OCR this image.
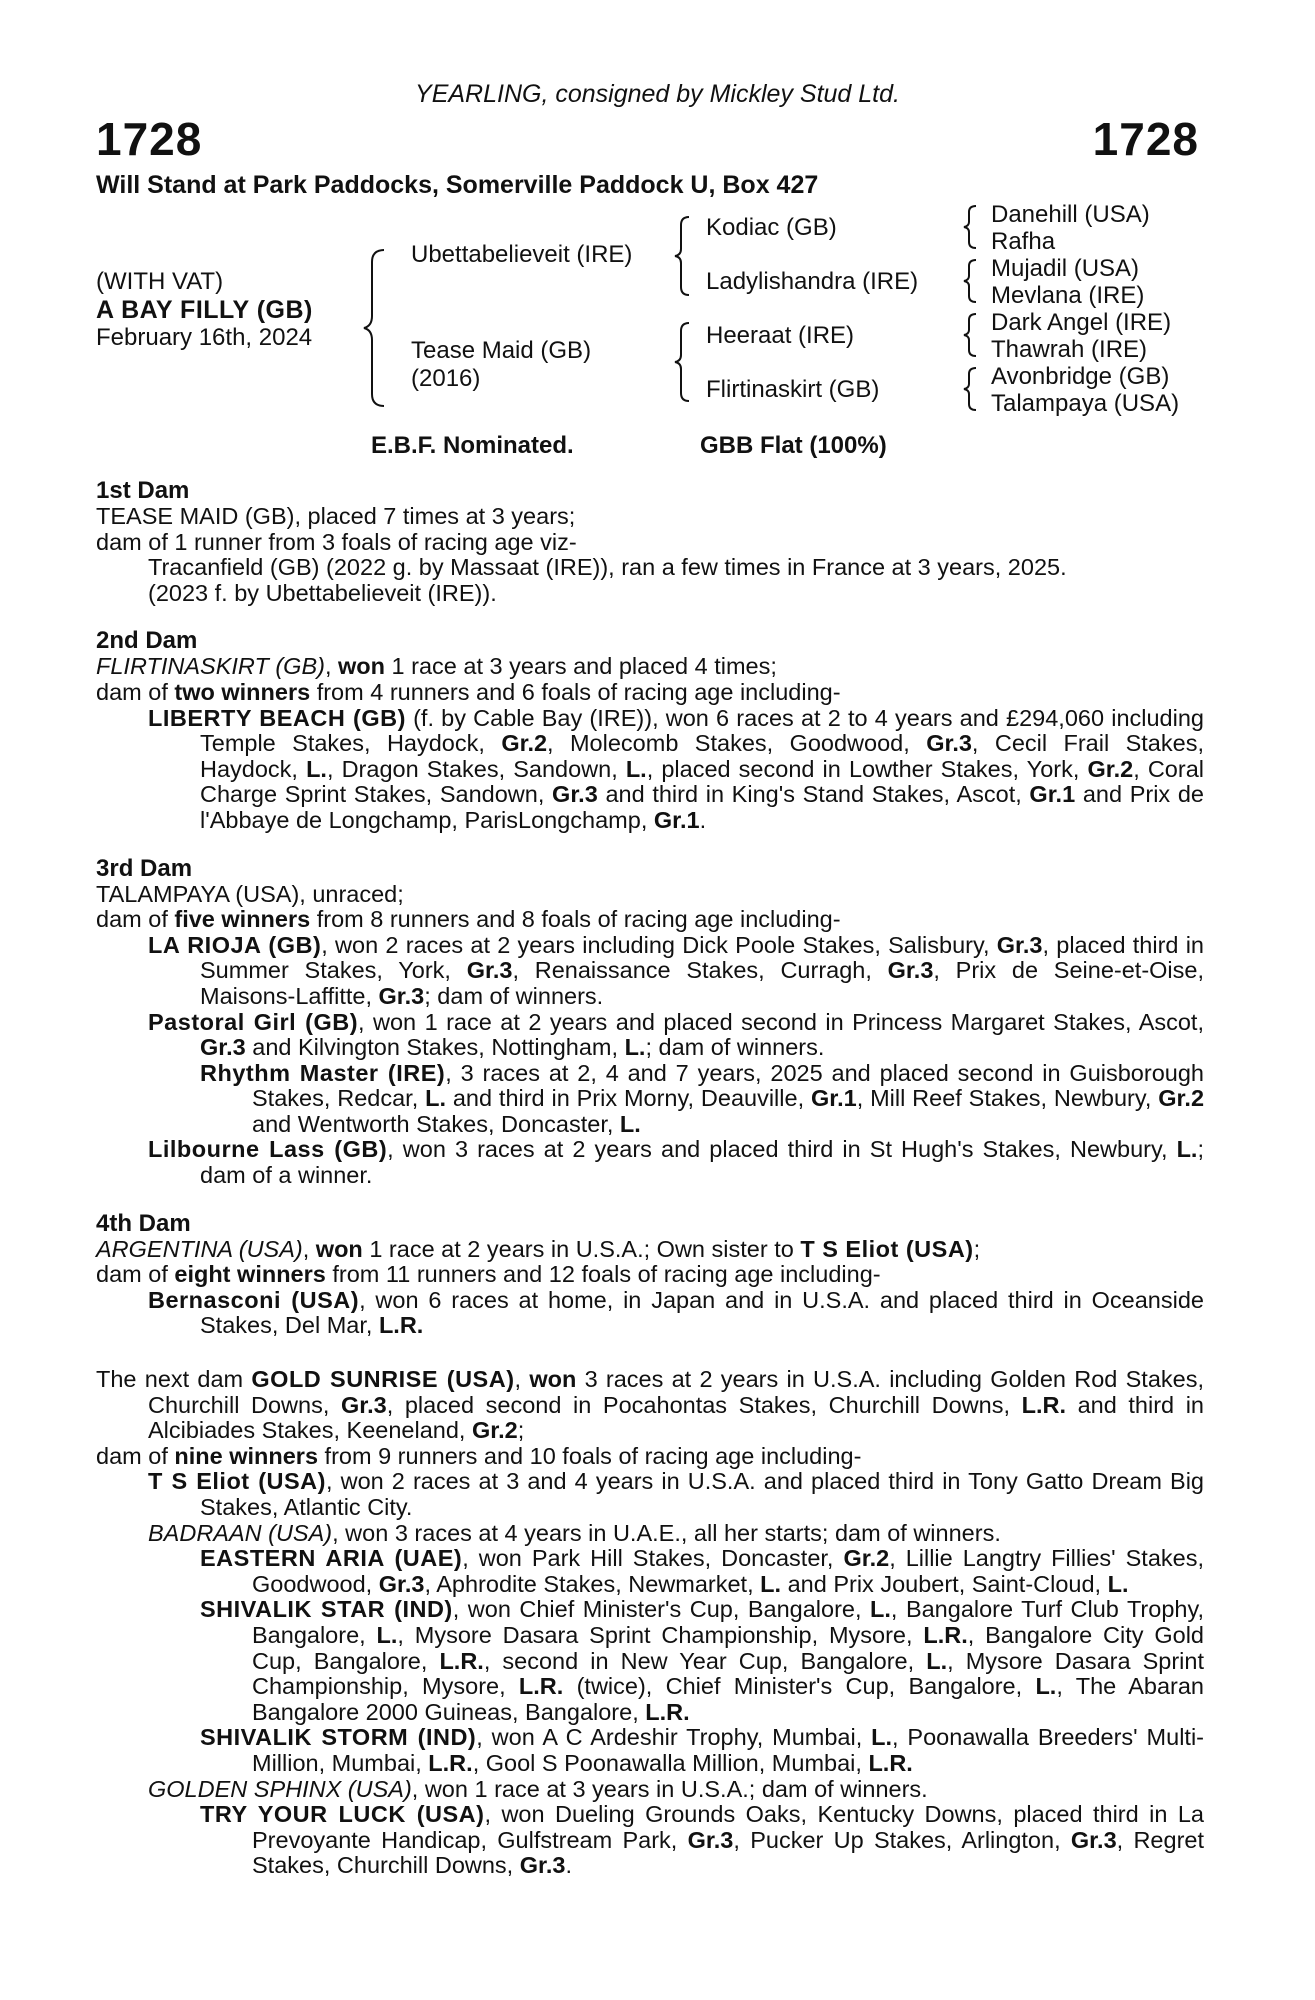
YEARLING, consigned by Mickley Stud Ltd.
1728	1728
Will Stand at Park Paddocks, Somerville Paddock U, Box 427
(WITH VAT)
A BAY FILLY (GB)
February 16th, 2024
Ubettabelieveit (IRE)
Tease Maid (GB)
(2016)
Kodiac (GB)
Ladylishandra (IRE)
Heeraat (IRE)
Flirtinaskirt (GB)
Danehill (USA)
Rafha
Mujadil (USA)
Mevlana (IRE)
Dark Angel (IRE)
Thawrah (IRE)
Avonbridge (GB)
Talampaya (USA)
E.B.F. Nominated.	GBB Flat (100%)
1st Dam

TEASE MAID (GB), placed 7 times at 3 years;

dam of 1 runner from 3 foals of racing age viz-

Tracanfield (GB) (2022 g. by Massaat (IRE)), ran a few times in France at 3 years, 2025.

(2023 f. by Ubettabelieveit (IRE)).

2nd Dam

FLIRTINASKIRT (GB), won 1 race at 3 years and placed 4 times;

dam of two winners from 4 runners and 6 foals of racing age including-

LIBERTY BEACH (GB) (f. by Cable Bay (IRE)), won 6 races at 2 to 4 years and £294,060 including Temple Stakes, Haydock, Gr.2, Molecomb Stakes, Goodwood, Gr.3, Cecil Frail Stakes, Haydock, L., Dragon Stakes, Sandown, L., placed second in Lowther Stakes, York, Gr.2, Coral Charge Sprint Stakes, Sandown, Gr.3 and third in King's Stand Stakes, Ascot, Gr.1 and Prix de l'Abbaye de Longchamp, ParisLongchamp, Gr.1.

3rd Dam

TALAMPAYA (USA), unraced;

dam of five winners from 8 runners and 8 foals of racing age including-

LA RIOJA (GB), won 2 races at 2 years including Dick Poole Stakes, Salisbury, Gr.3, placed third in Summer Stakes, York, Gr.3, Renaissance Stakes, Curragh, Gr.3, Prix de Seine-et-Oise, Maisons-Laffitte, Gr.3; dam of winners.

Pastoral Girl (GB), won 1 race at 2 years and placed second in Princess Margaret Stakes, Ascot, Gr.3 and Kilvington Stakes, Nottingham, L.; dam of winners.

Rhythm Master (IRE), 3 races at 2, 4 and 7 years, 2025 and placed second in Guisborough Stakes, Redcar, L. and third in Prix Morny, Deauville, Gr.1, Mill Reef Stakes, Newbury, Gr.2 and Wentworth Stakes, Doncaster, L.

Lilbourne Lass (GB), won 3 races at 2 years and placed third in St Hugh's Stakes, Newbury, L.; dam of a winner.

4th Dam

ARGENTINA (USA), won 1 race at 2 years in U.S.A.; Own sister to T S Eliot (USA);

dam of eight winners from 11 runners and 12 foals of racing age including-

Bernasconi (USA), won 6 races at home, in Japan and in U.S.A. and placed third in Oceanside Stakes, Del Mar, L.R.

The next dam GOLD SUNRISE (USA), won 3 races at 2 years in U.S.A. including Golden Rod Stakes, Churchill Downs, Gr.3, placed second in Pocahontas Stakes, Churchill Downs, L.R. and third in Alcibiades Stakes, Keeneland, Gr.2;

dam of nine winners from 9 runners and 10 foals of racing age including-

T S Eliot (USA), won 2 races at 3 and 4 years in U.S.A. and placed third in Tony Gatto Dream Big Stakes, Atlantic City.

BADRAAN (USA), won 3 races at 4 years in U.A.E., all her starts; dam of winners.

EASTERN ARIA (UAE), won Park Hill Stakes, Doncaster, Gr.2, Lillie Langtry Fillies' Stakes, Goodwood, Gr.3, Aphrodite Stakes, Newmarket, L. and Prix Joubert, Saint-Cloud, L.

SHIVALIK STAR (IND), won Chief Minister's Cup, Bangalore, L., Bangalore Turf Club Trophy, Bangalore, L., Mysore Dasara Sprint Championship, Mysore, L.R., Bangalore City Gold Cup, Bangalore, L.R., second in New Year Cup, Bangalore, L., Mysore Dasara Sprint Championship, Mysore, L.R. (twice), Chief Minister's Cup, Bangalore, L., The Abaran Bangalore 2000 Guineas, Bangalore, L.R.

SHIVALIK STORM (IND), won A C Ardeshir Trophy, Mumbai, L., Poonawalla Breeders' Multi-Million, Mumbai, L.R., Gool S Poonawalla Million, Mumbai, L.R.

GOLDEN SPHINX (USA), won 1 race at 3 years in U.S.A.; dam of winners.

TRY YOUR LUCK (USA), won Dueling Grounds Oaks, Kentucky Downs, placed third in La Prevoyante Handicap, Gulfstream Park, Gr.3, Pucker Up Stakes, Arlington, Gr.3, Regret Stakes, Churchill Downs, Gr.3.
